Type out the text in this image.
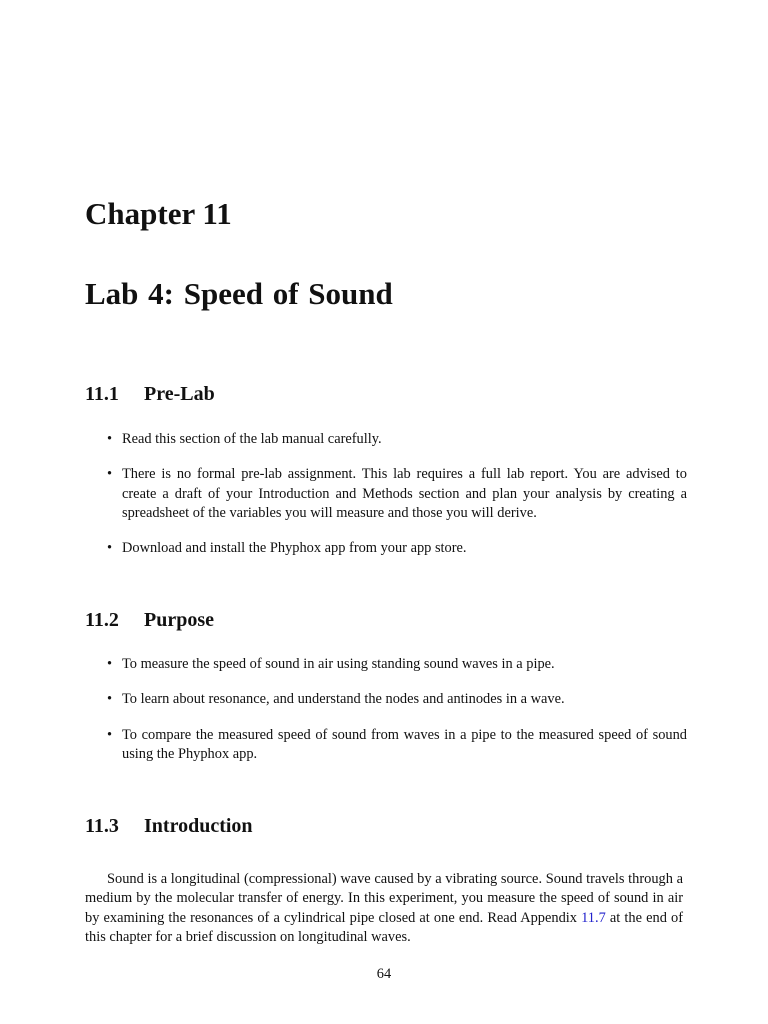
Chapter 11
Lab 4: Speed of Sound
11.1 Pre-Lab
• Read this section of the lab manual carefully.
• There is no formal pre-lab assignment. This lab requires a full lab report. You are advised to create a draft of your Introduction and Methods section and plan your analysis by creating a spreadsheet of the variables you will measure and those you will derive.
• Download and install the Phyphox app from your app store.
11.2 Purpose
• To measure the speed of sound in air using standing sound waves in a pipe.
• To learn about resonance, and understand the nodes and antinodes in a wave.
• To compare the measured speed of sound from waves in a pipe to the measured speed of sound using the Phyphox app.
11.3 Introduction

Sound is a longitudinal (compressional) wave caused by a vibrating source. Sound travels through a medium by the molecular transfer of energy. In this experiment, you measure the speed of sound in air by examining the resonances of a cylindrical pipe closed at one end. Read Appendix 11.7 at the end of this chapter for a brief discussion on longitudinal waves.

64
